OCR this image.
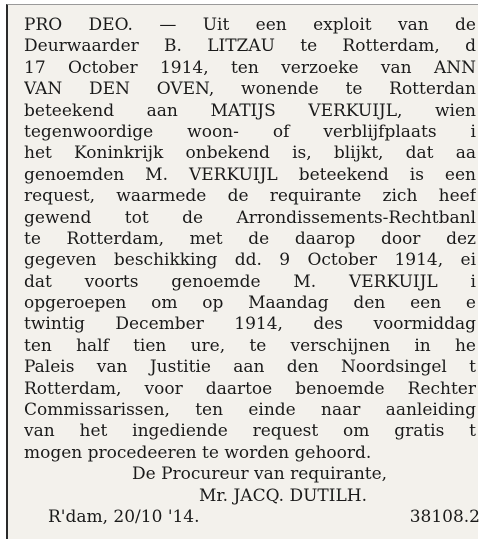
PRO DEO. — Uit een exploit van de
Deurwaarder B. LITZAU te Rotterdam, d
17 October 1914, ten verzoeke van ANN
VAN DEN OVEN, wonende te Rotterdan
beteekend aan MATIJS VERKUIJL, wien
tegenwoordige woon- of verblijfplaats i
het Koninkrijk onbekend is, blijkt, dat aa
genoemden M. VERKUIJL beteekend is een
request, waarmede de requirante zich heef
gewend tot de Arrondissements-Rechtbanl
te Rotterdam, met de daarop door dez
gegeven beschikking dd. 9 October 1914, ei
dat voorts genoemde M. VERKUIJL i
opgeroepen om op Maandag den een e
twintig December 1914, des voormiddag
ten half tien ure, te verschijnen in he
Paleis van Justitie aan den Noordsingel t
Rotterdam, voor daartoe benoemde Rechter
Commissarissen, ten einde naar aanleiding
van het ingediende request om gratis t
mogen procedeeren te worden gehoord.
De Procureur van requirante,
Mr. JACQ. DUTILH.
R'dam, 20/10 '14.	38108.2
